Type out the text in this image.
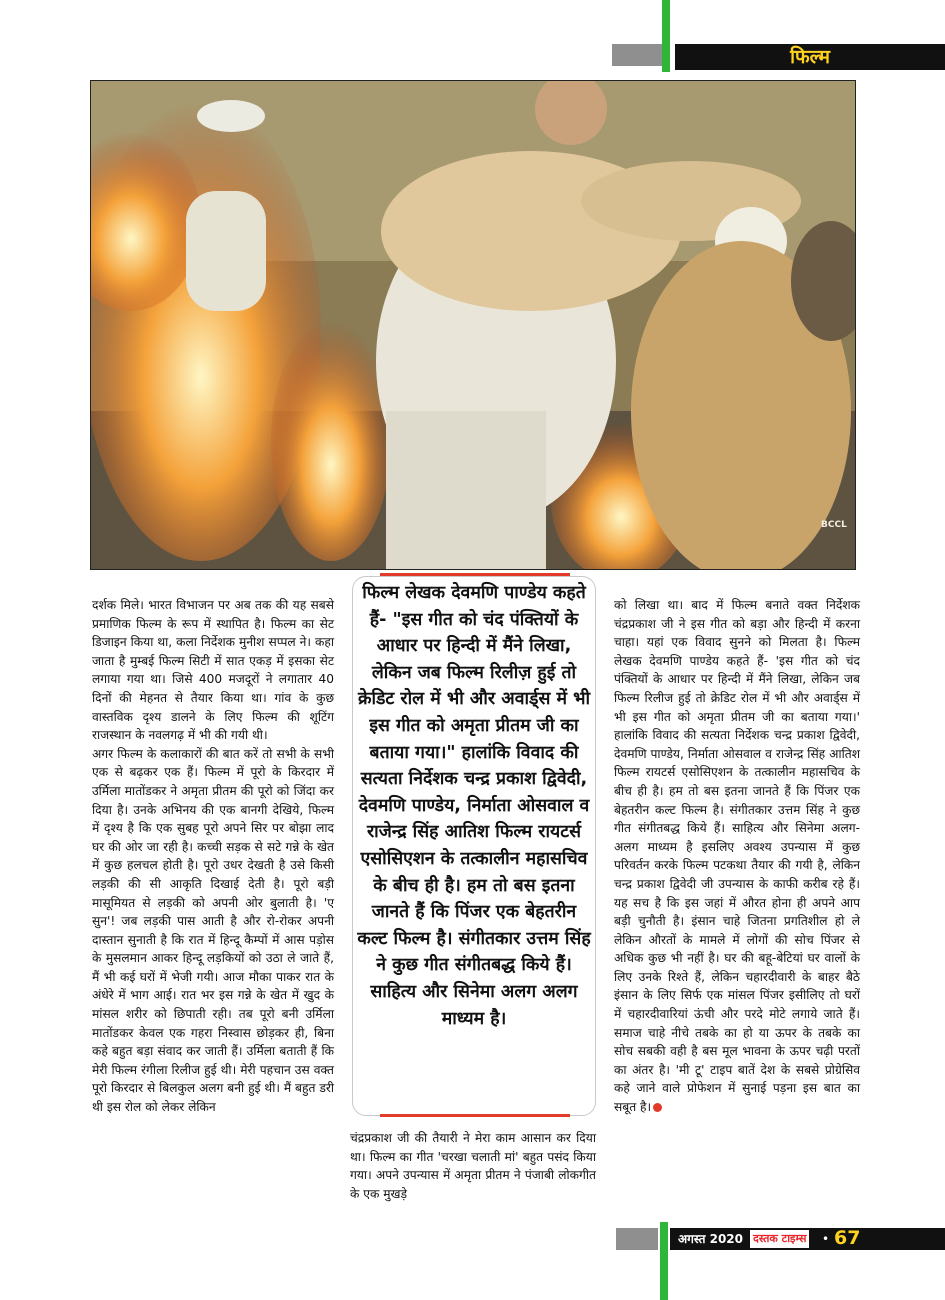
फिल्म
BCCL
दर्शक मिले। भारत विभाजन पर अब तक की यह सबसे प्रमाणिक फिल्म के रूप में स्थापित है। फिल्म का सेट डिजाइन किया था, कला निर्देशक मुनीश सप्पल ने। कहा जाता है मुम्बई फिल्म सिटी में सात एकड़ में इसका सेट लगाया गया था। जिसे 400 मजदूरों ने लगातार 40 दिनों की मेहनत से तैयार किया था। गांव के कुछ वास्तविक दृश्य डालने के लिए फिल्म की शूटिंग राजस्थान के नवलगढ़ में भी की गयी थी।
अगर फिल्म के कलाकारों की बात करें तो सभी के सभी एक से बढ़कर एक हैं। फिल्म में पूरो के किरदार में उर्मिला मातोंडकर ने अमृता प्रीतम की पूरो को जिंदा कर दिया है। उनके अभिनय की एक बानगी देखिये, फिल्म में दृश्य है कि एक सुबह पूरो अपने सिर पर बोझा लाद घर की ओर जा रही है। कच्ची सड़क से सटे गन्ने के खेत में कुछ हलचल होती है। पूरो उधर देखती है उसे किसी लड़की की सी आकृति दिखाई देती है। पूरो बड़ी मासूमियत से लड़की को अपनी ओर बुलाती है। 'ए सुन'! जब लड़की पास आती है और रो-रोकर अपनी दास्तान सुनाती है कि रात में हिन्दू कैम्पों में आस पड़ोस के मुसलमान आकर हिन्दू लड़कियों को उठा ले जाते हैं, मैं भी कई घरों में भेजी गयी। आज मौका पाकर रात के अंधेरे में भाग आई। रात भर इस गन्ने के खेत में खुद के मांसल शरीर को छिपाती रही। तब पूरो बनी उर्मिला मातोंडकर केवल एक गहरा निस्वास छोड़कर ही, बिना कहे बहुत बड़ा संवाद कर जाती हैं। उर्मिला बताती हैं कि मेरी फिल्म रंगीला रिलीज हुई थी। मेरी पहचान उस वक्त पूरो किरदार से बिलकुल अलग बनी हुई थी। मैं बहुत डरी थी इस रोल को लेकर लेकिन
फिल्म लेखक देवमणि पाण्डेय कहते हैं- "इस गीत को चंद पंक्तियों के आधार पर हिन्दी में मैंने लिखा, लेकिन जब फिल्म रिलीज़ हुई तो क्रेडिट रोल में भी और अवार्ड्स में भी इस गीत को अमृता प्रीतम जी का बताया गया।" हालांकि विवाद की सत्यता निर्देशक चन्द्र प्रकाश द्विवेदी, देवमणि पाण्डेय, निर्माता ओसवाल व राजेन्द्र सिंह आतिश फिल्म रायटर्स एसोसिएशन के तत्कालीन महासचिव के बीच ही है। हम तो बस इतना जानते हैं कि पिंजर एक बेहतरीन कल्ट फिल्म है। संगीतकार उत्तम सिंह ने कुछ गीत संगीतबद्ध किये हैं। साहित्य और सिनेमा अलग अलग माध्यम है।
चंद्रप्रकाश जी की तैयारी ने मेरा काम आसान कर दिया था। फिल्म का गीत 'चरखा चलाती मां' बहुत पसंद किया गया। अपने उपन्यास में अमृता प्रीतम ने पंजाबी लोकगीत के एक मुखड़े
को लिखा था। बाद में फिल्म बनाते वक्त निर्देशक चंद्रप्रकाश जी ने इस गीत को बड़ा और हिन्दी में करना चाहा। यहां एक विवाद सुनने को मिलता है। फिल्म लेखक देवमणि पाण्डेय कहते हैं- 'इस गीत को चंद पंक्तियों के आधार पर हिन्दी में मैंने लिखा, लेकिन जब फिल्म रिलीज हुई तो क्रेडिट रोल में भी और अवार्ड्स में भी इस गीत को अमृता प्रीतम जी का बताया गया।' हालांकि विवाद की सत्यता निर्देशक चन्द्र प्रकाश द्विवेदी, देवमणि पाण्डेय, निर्माता ओसवाल व राजेन्द्र सिंह आतिश फिल्म रायटर्स एसोसिएशन के तत्कालीन महासचिव के बीच ही है। हम तो बस इतना जानते हैं कि पिंजर एक बेहतरीन कल्ट फिल्म है। संगीतकार उत्तम सिंह ने कुछ गीत संगीतबद्ध किये हैं। साहित्य और सिनेमा अलग-अलग माध्यम है इसलिए अवश्य उपन्यास में कुछ परिवर्तन करके फिल्म पटकथा तैयार की गयी है, लेकिन चन्द्र प्रकाश द्विवेदी जी उपन्यास के काफी करीब रहे हैं। यह सच है कि इस जहां में औरत होना ही अपने आप बड़ी चुनौती है। इंसान चाहे जितना प्रगतिशील हो ले लेकिन औरतों के मामले में लोगों की सोच पिंजर से अधिक कुछ भी नहीं है। घर की बहू-बेटियां घर वालों के लिए उनके रिश्ते हैं, लेकिन चहारदीवारी के बाहर बैठे इंसान के लिए सिर्फ एक मांसल पिंजर इसीलिए तो घरों में चहारदीवारियां ऊंची और परदे मोटे लगाये जाते हैं। समाज चाहे नीचे तबके का हो या ऊपर के तबके का सोच सबकी वही है बस मूल भावना के ऊपर चढ़ी परतों का अंतर है। 'मी टू' टाइप बातें देश के सबसे प्रोग्रेसिव कहे जाने वाले प्रोफेशन में सुनाई पड़ना इस बात का सबूत है।
अगस्त 2020 दस्तक टाइम्स • 67
